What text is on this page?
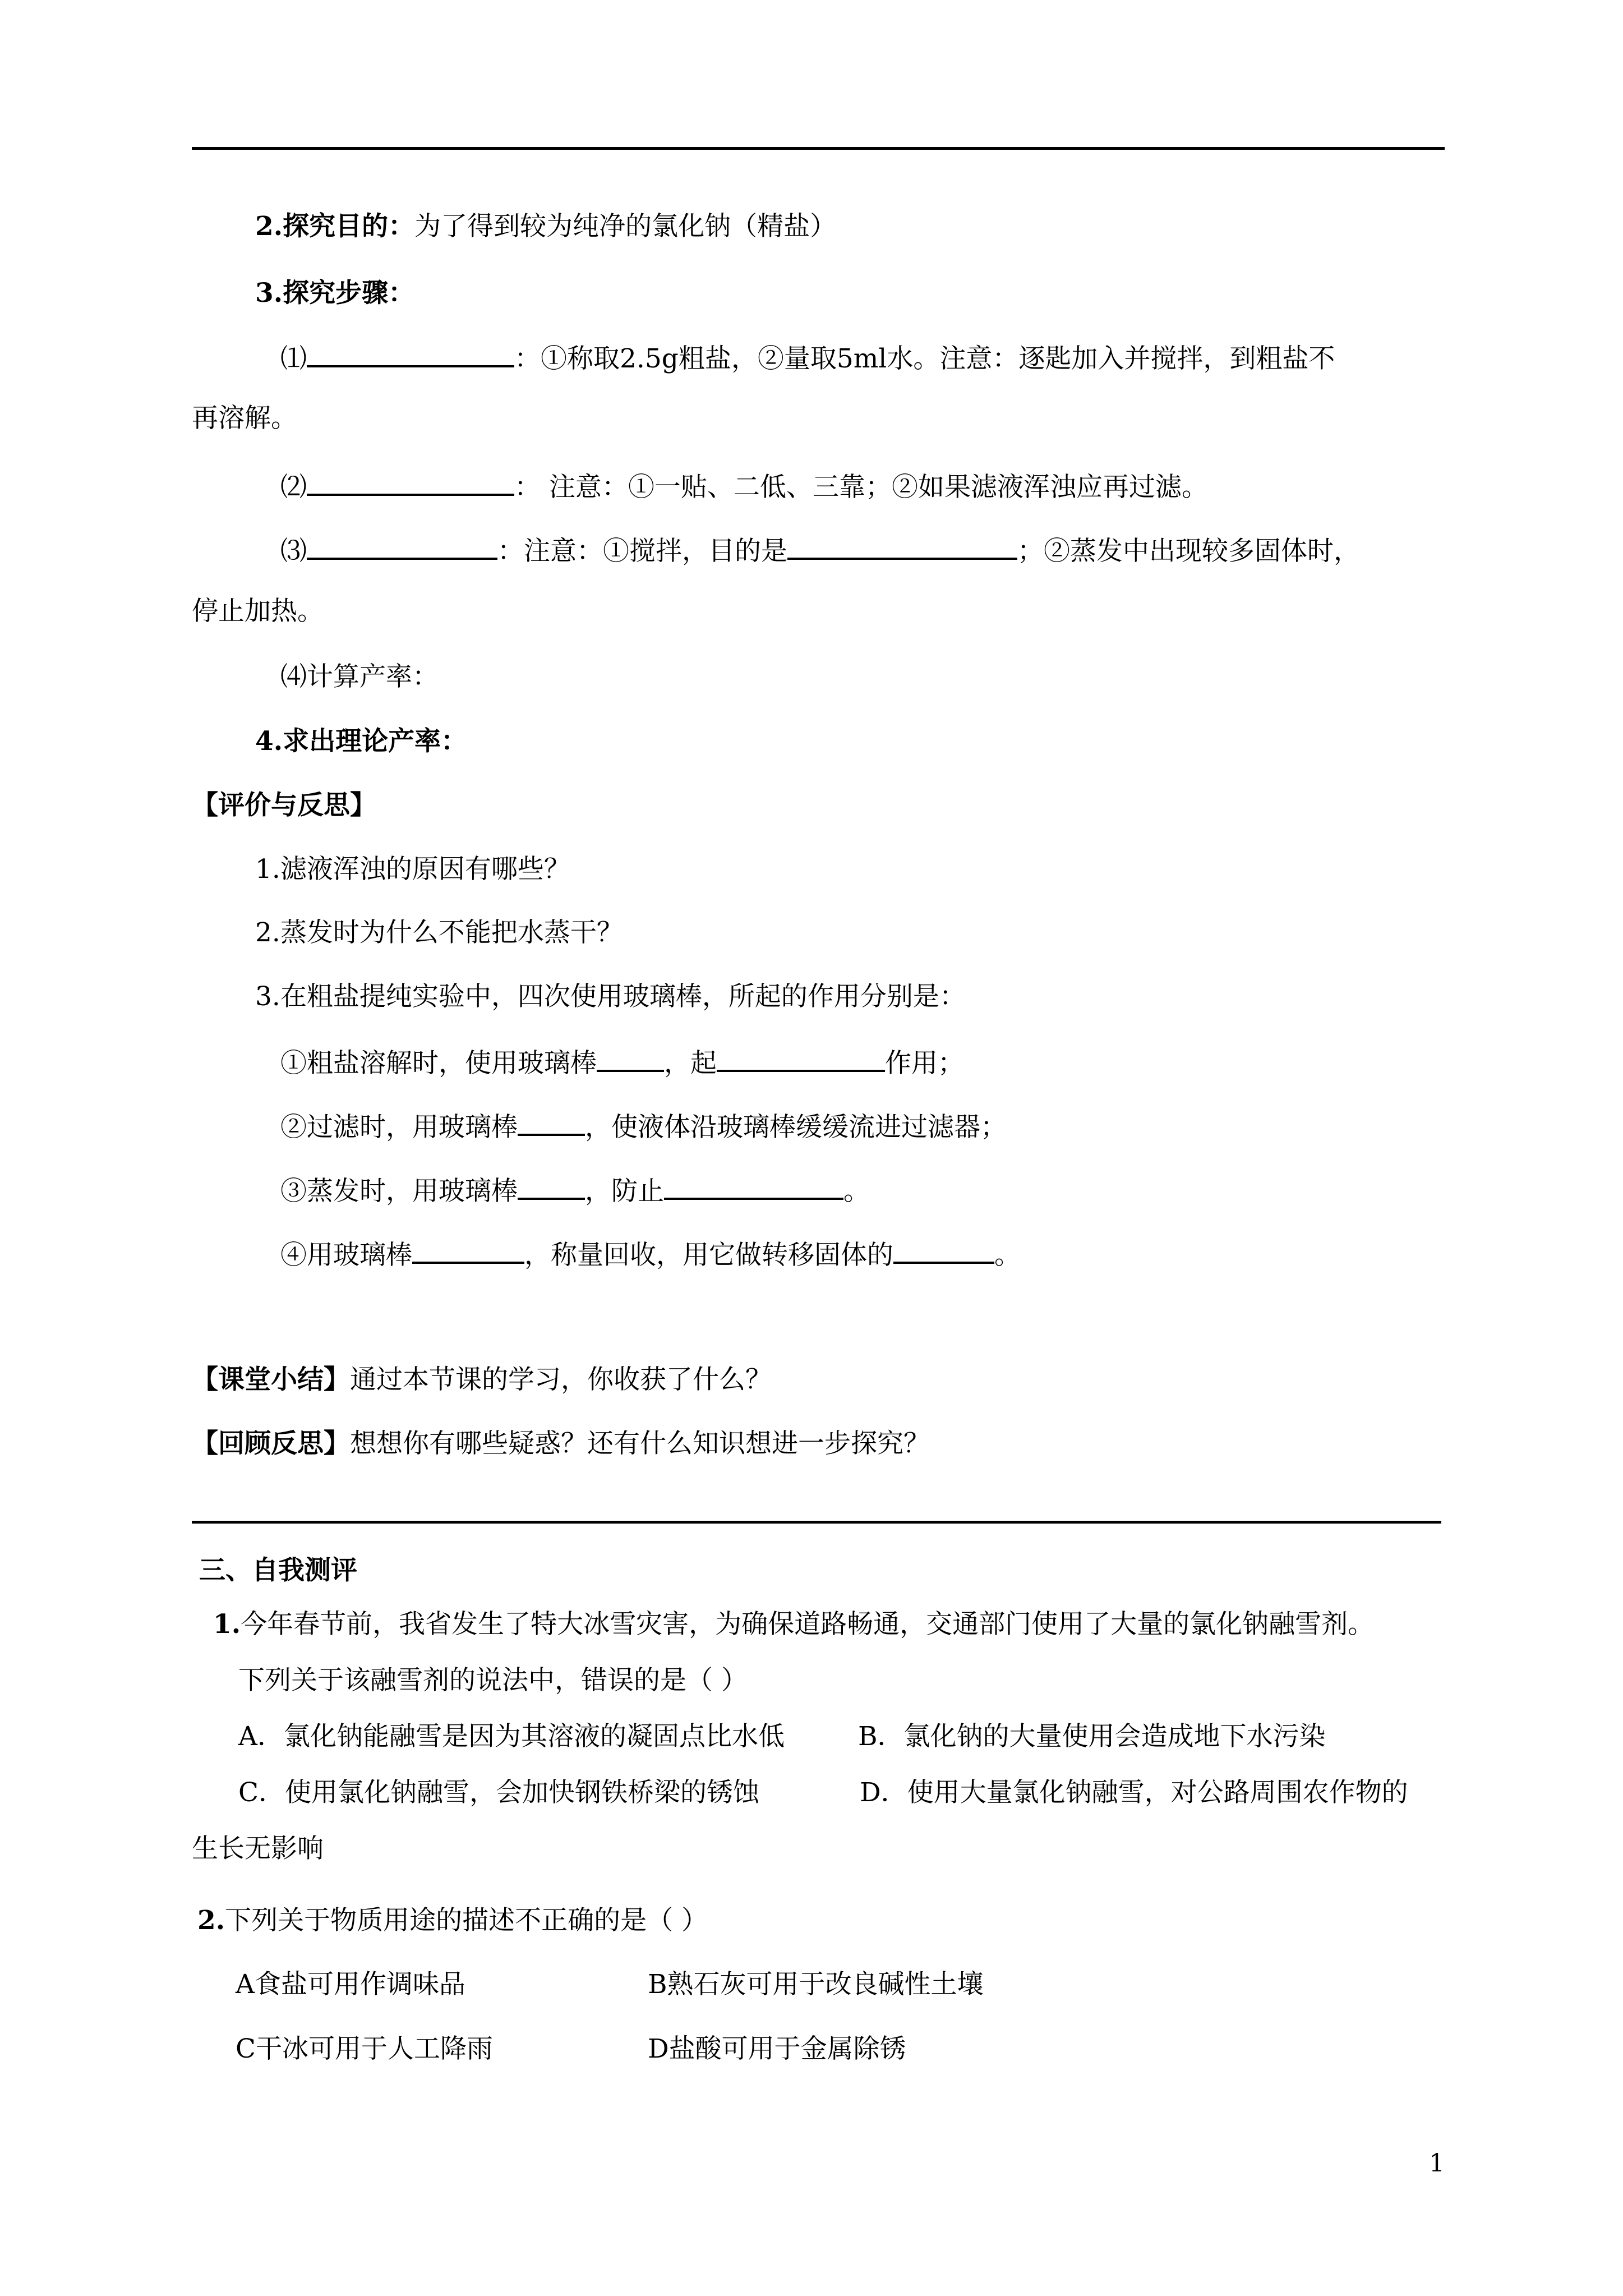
2.探究目的：为了得到较为纯净的氯化钠（精盐）
3.探究步骤：
⑴	：①称取2.5g粗盐，②量取5ml水。注意：逐匙加入并搅拌，到粗盐不
再溶解。
⑵	： 注意：①一贴、二低、三靠；②如果滤液浑浊应再过滤。
⑶	：注意：①搅拌，目的是	；②蒸发中出现较多固体时，
停止加热。
⑷计算产率：
4.求出理论产率：
【评价与反思】
1.滤液浑浊的原因有哪些？
2.蒸发时为什么不能把水蒸干？
3.在粗盐提纯实验中，四次使用玻璃棒，所起的作用分别是：
①粗盐溶解时，使用玻璃棒	，起	作用；
②过滤时，用玻璃棒	，使液体沿玻璃棒缓缓流进过滤器；
③蒸发时，用玻璃棒	，防止	。
④用玻璃棒	，称量回收，用它做转移固体的	。
【课堂小结】通过本节课的学习，你收获了什么？
【回顾反思】想想你有哪些疑惑？还有什么知识想进一步探究？
三、自我测评
1.今年春节前，我省发生了特大冰雪灾害，为确保道路畅通，交通部门使用了大量的氯化钠融雪剂。
下列关于该融雪剂的说法中，错误的是（ ）
A．氯化钠能融雪是因为其溶液的凝固点比水低	B．氯化钠的大量使用会造成地下水污染
C．使用氯化钠融雪，会加快钢铁桥梁的锈蚀	D．使用大量氯化钠融雪，对公路周围农作物的
生长无影响
2.下列关于物质用途的描述不正确的是（ ）
A食盐可用作调味品	B熟石灰可用于改良碱性土壤
C干冰可用于人工降雨	D盐酸可用于金属除锈
1
